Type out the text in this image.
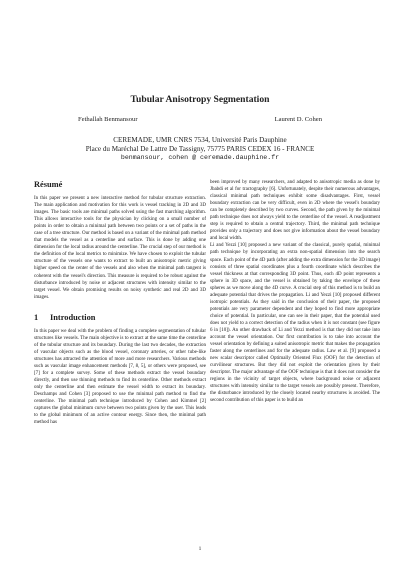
Tubular Anisotropy Segmentation
Fethallah Benmansour	Laurent D. Cohen
CEREMADE, UMR CNRS 7534, Université Paris Dauphine
Place du Maréchal De Lattre De Tassigny, 75775 PARIS CEDEX 16 - FRANCE
benmansour, cohen @ ceremade.dauphine.fr
Résumé

In this paper we present a new interactive method for tubular structure extraction. The main application and motivation for this work is vessel tracking in 2D and 3D images. The basic tools are minimal paths solved using the fast marching algorithm. This allows interactive tools for the physician by clicking on a small number of points in order to obtain a minimal path between two points or a set of paths in the case of a tree structure. Our method is based on a variant of the minimal path method that models the vessel as a centerline and surface. This is done by adding one dimension for the local radius around the centerline. The crucial step of our method is the definition of the local metrics to minimize. We have chosen to exploit the tubular structure of the vessels one wants to extract to built an anisotropic metric giving higher speed on the center of the vessels and also when the minimal path tangent is coherent with the vessel's direction. This measure is required to be robust against the disturbance introduced by noise or adjacent structures with intensity similar to the target vessel. We obtain promising results on noisy synthetic and real 2D and 3D images.

1	Introduction

In this paper we deal with the problem of finding a complete segmentation of tubular structures like vessels. The main objective is to extract at the same time the centerline of the tubular structure and its boundary. During the last two decades, the extraction of vascular objects such as the blood vessel, coronary arteries, or other tube-like structures has attracted the attention of more and more researchers. Various methods such as vascular image enhancement methods [7, 8, 5], or others were proposed, see [7] for a complete survey. Some of these methods extract the vessel boundary directly, and then use thinning methods to find its centerline. Other methods extract only the centerline and then estimate the vessel width to extract its boundary. Deschamps and Cohen [3] proposed to use the minimal path method to find the centerline. The minimal path technique introduced by Cohen and Kimmel [2] captures the global minimum curve between two points given by the user. This leads to the global minimum of an active contour energy. Since then, the minimal path method has

been improved by many researchers, and adapted to anisotropic media as done by Jbabdi et al for tractography [6]. Unfortunately, despite their numerous advantages, classical minimal path techniques exhibit some disadvantages. First, vessel boundary extraction can be very difficult, even in 2D where the vessel's boundary can be completely described by two curves. Second, the path given by the minimal path technique does not always yield to the centerline of the vessel. A readjustment step is required to obtain a central trajectory. Third, the minimal path technique provides only a trajectory and does not give information about the vessel boundary and local width.

Li and Yezzi [10] proposed a new variant of the classical, purely spatial, minimal path technique by incorporating an extra non-spatial dimension into the search space. Each point of the 4D path (after adding the extra dimension for the 3D image) consists of three spatial coordinates plus a fourth coordinate which describes the vessel thickness at that corresponding 3D point. Thus, each 4D point represents a sphere in 3D space, and the vessel is obtained by taking the envelope of these spheres as we move along the 4D curve. A crucial step of this method is to build an adequate potential that drives the propagation. Li and Yezzi [10] proposed different isotropic potentials. As they said in the conclusion of their paper, the proposed potentials are very parameter dependent and they hoped to find more appropriate choice of potential. In particular, one can see in their paper, that the potential used does not yield to a correct detection of the radius when it is not constant (see figure 6 in [10]). An other drawback of Li and Yezzi method is that they did not take into account the vessel orientation. Our first contribution is to take into account the vessel orientation by defining a suited anisotropic metric that makes the propagation faster along the centerlines and for the adequate radius. Law et al. [9] proposed a new scalar descriptor called Optimally Oriented Flux (OOF) for the detection of curvilinear structures. But they did not exploit the orientation given by their descriptor. The major advantage of the OOF technique is that it does not consider the regions in the vicinity of target objects, where background noise or adjacent structures with intensity similar to the target vessels are possibly present. Therefore, the disturbance introduced by the closely located nearby structures is avoided. The second contribution of this paper is to build an

1
